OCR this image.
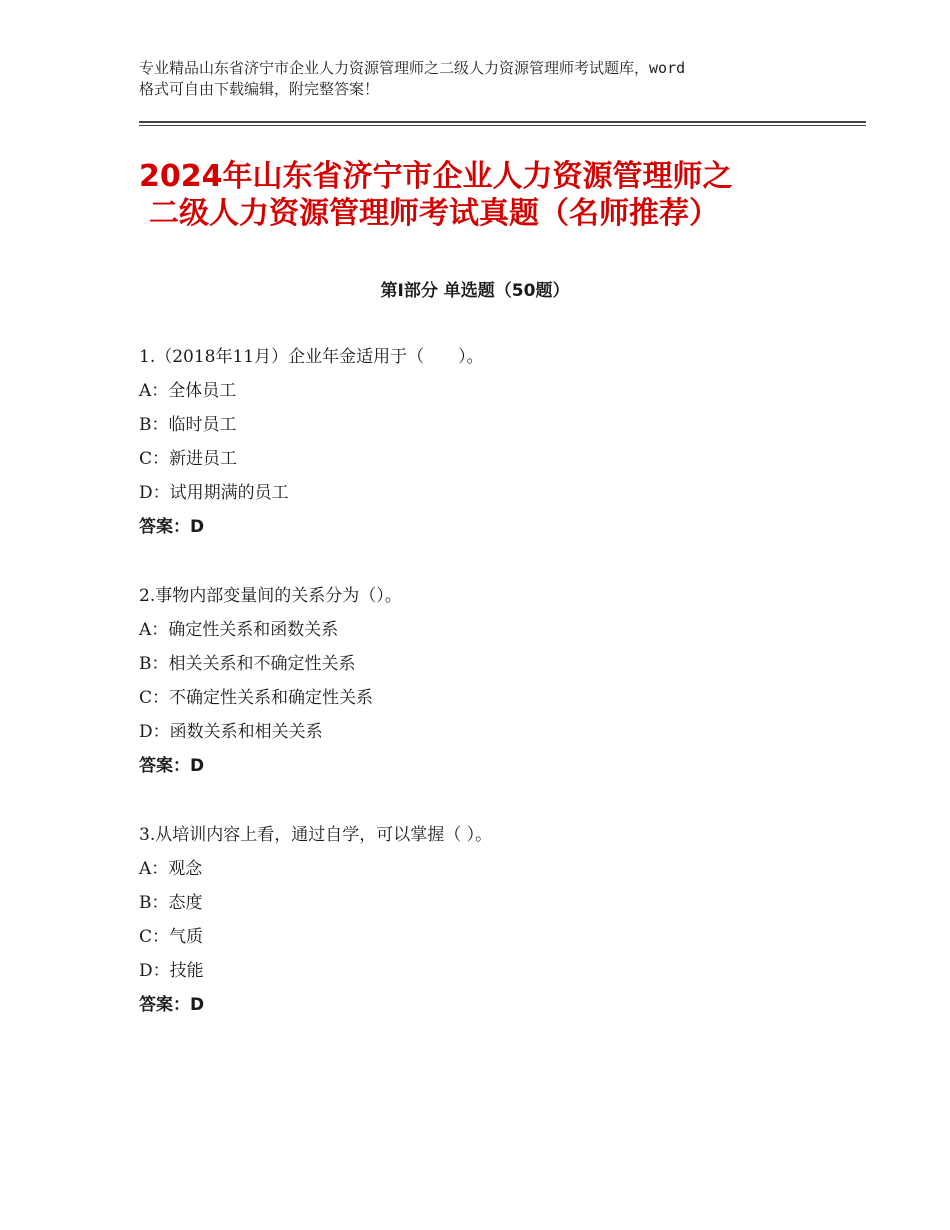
专业精品山东省济宁市企业人力资源管理师之二级人力资源管理师考试题库，word
格式可自由下载编辑，附完整答案！
2024年山东省济宁市企业人力资源管理师之
二级人力资源管理师考试真题（名师推荐）
第Ⅰ部分 单选题（50题）
1.（2018年11月）企业年金适用于（　　）。
A：全体员工
B：临时员工
C：新进员工
D：试用期满的员工
答案：D
2.事物内部变量间的关系分为（）。
A：确定性关系和函数关系
B：相关关系和不确定性关系
C：不确定性关系和确定性关系
D：函数关系和相关关系
答案：D
3.从培训内容上看，通过自学，可以掌握（ ）。
A：观念
B：态度
C：气质
D：技能
答案：D
